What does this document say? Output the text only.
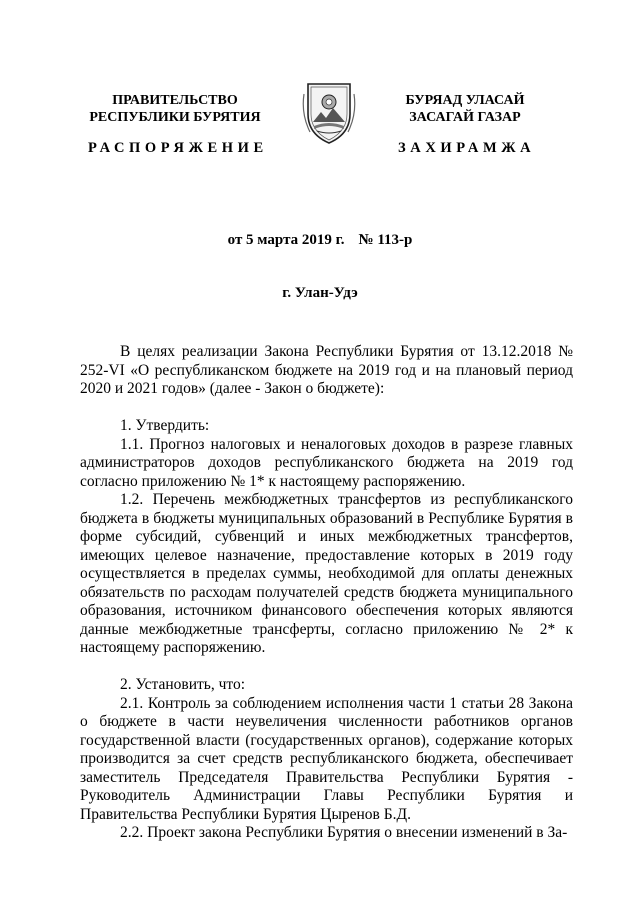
ПРАВИТЕЛЬСТВО
РЕСПУБЛИКИ БУРЯТИЯ
БУРЯАД УЛАСАЙ
ЗАСАГАЙ ГАЗАР
РАСПОРЯЖЕНИЕ	ЗАХИРАМЖА
от 5 марта 2019 г. № 113-р
г. Улан-Удэ

В целях реализации Закона Республики Бурятия от 13.12.2018 № 252-VI «О республиканском бюджете на 2019 год и на плановый период 2020 и 2021 годов» (далее - Закон о бюджете):

1. Утвердить:

1.1. Прогноз налоговых и неналоговых доходов в разрезе главных администраторов доходов республиканского бюджета на 2019 год согласно приложению № 1* к настоящему распоряжению.

1.2. Перечень межбюджетных трансфертов из республиканского бюджета в бюджеты муниципальных образований в Республике Бурятия в форме субсидий, субвенций и иных межбюджетных трансфертов, имеющих целевое назначение, предоставление которых в 2019 году осуществляется в пределах суммы, необходимой для оплаты денежных обязательств по расходам получателей средств бюджета муниципального образования, источником финансового обеспечения которых являются данные межбюджетные трансферты, согласно приложению № 2* к настоящему распоряжению.

2. Установить, что:

2.1. Контроль за соблюдением исполнения части 1 статьи 28 Закона о бюджете в части неувеличения численности работников органов государственной власти (государственных органов), содержание которых производится за счет средств республиканского бюджета, обеспечивает заместитель Председателя Правительства Республики Бурятия - Руководитель Администрации Главы Республики Бурятия и Правительства Республики Бурятия Цыренов Б.Д.

2.2. Проект закона Республики Бурятия о внесении изменений в За-
